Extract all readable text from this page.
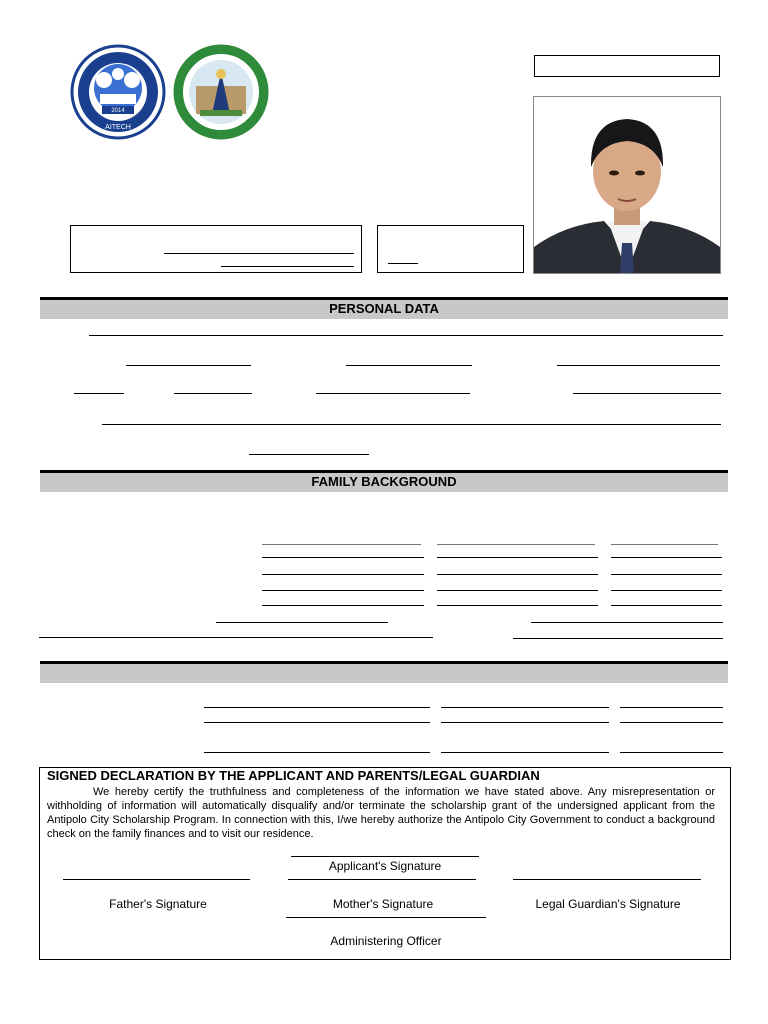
2014
AITECH
PERSONAL DATA
FAMILY BACKGROUND
SIGNED DECLARATION BY THE APPLICANT AND PARENTS/LEGAL GUARDIAN
We hereby certify the truthfulness and completeness of the information we have stated above. Any misrepresentation or withholding of information will automatically disqualify and/or terminate the scholarship grant of the undersigned applicant from the Antipolo City Scholarship Program. In connection with this, I/we hereby authorize the Antipolo City Government to conduct a background check on the family finances and to visit our residence.
Applicant's Signature
Father's Signature	Mother's Signature	Legal Guardian's Signature
Administering Officer
